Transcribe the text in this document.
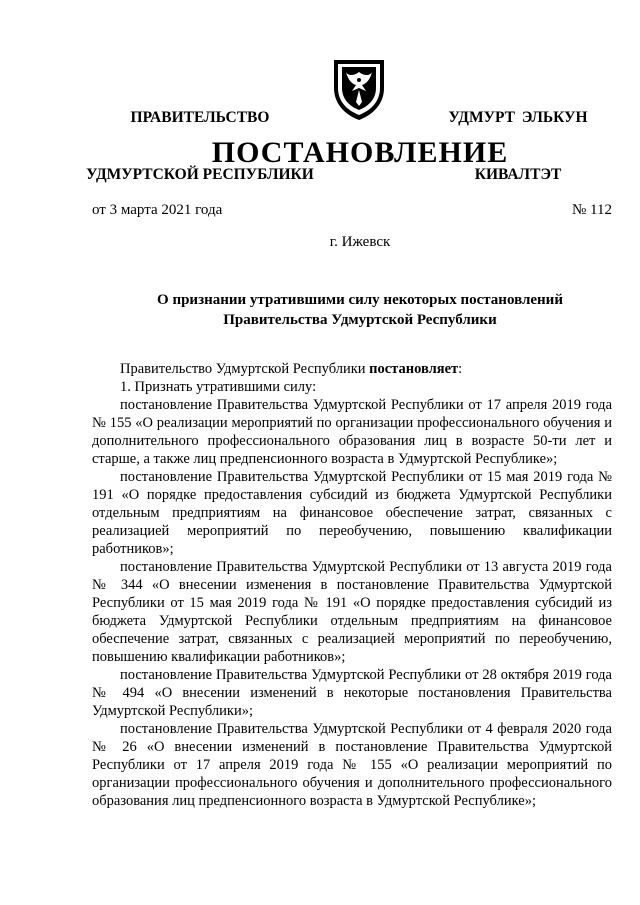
ПРАВИТЕЛЬСТВО

УДМУРТСКОЙ РЕСПУБЛИКИ

УДМУРТ ЭЛЬКУН

КИВАЛТЭТ

ПОСТАНОВЛЕНИЕ
от 3 марта 2021 года	№ 112
г. Ижевск
О признании утратившими силу некоторых постановлений
Правительства Удмуртской Республики

Правительство Удмуртской Республики постановляет:

1. Признать утратившими силу:

постановление Правительства Удмуртской Республики от 17 апреля 2019 года № 155 «О реализации мероприятий по организации профессионального обучения и дополнительного профессионального образования лиц в возрасте 50-ти лет и старше, а также лиц предпенсионного возраста в Удмуртской Республике»;

постановление Правительства Удмуртской Республики от 15 мая 2019 года № 191 «О порядке предоставления субсидий из бюджета Удмуртской Республики отдельным предприятиям на финансовое обеспечение затрат, связанных с реализацией мероприятий по переобучению, повышению квалификации работников»;

постановление Правительства Удмуртской Республики от 13 августа 2019 года № 344 «О внесении изменения в постановление Правительства Удмуртской Республики от 15 мая 2019 года № 191 «О порядке предоставления субсидий из бюджета Удмуртской Республики отдельным предприятиям на финансовое обеспечение затрат, связанных с реализацией мероприятий по переобучению, повышению квалификации работников»;

постановление Правительства Удмуртской Республики от 28 октября 2019 года № 494 «О внесении изменений в некоторые постановления Правительства Удмуртской Республики»;

постановление Правительства Удмуртской Республики от 4 февраля 2020 года № 26 «О внесении изменений в постановление Правительства Удмуртской Республики от 17 апреля 2019 года № 155 «О реализации мероприятий по организации профессионального обучения и дополнительного профессионального образования лиц предпенсионного возраста в Удмуртской Республике»;
